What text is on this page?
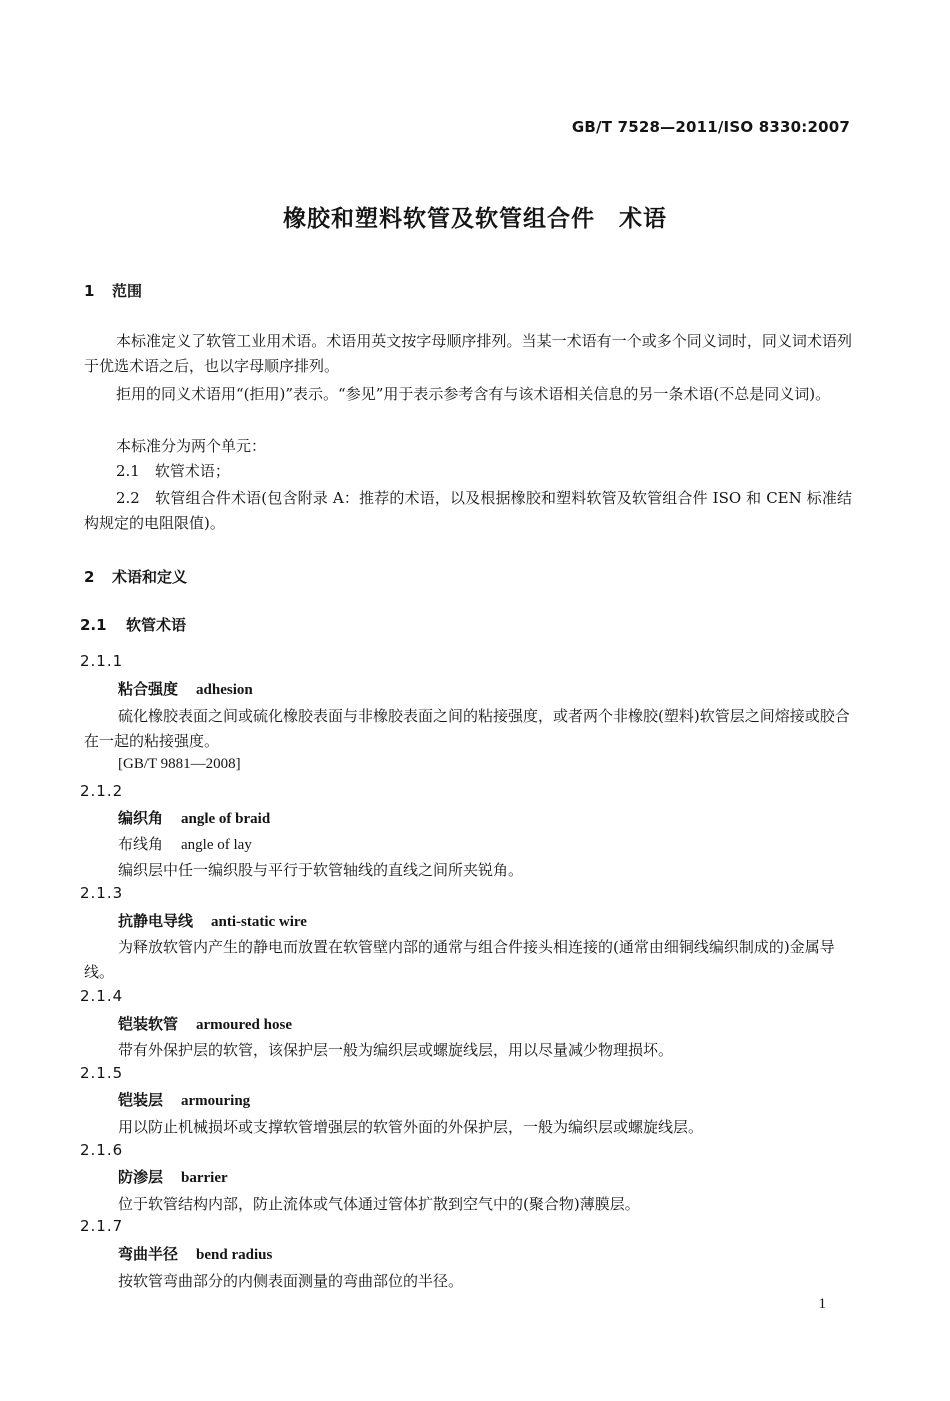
GB/T 7528—2011/ISO 8330:2007
橡胶和塑料软管及软管组合件　术语
1 范围
本标准定义了软管工业用术语。术语用英文按字母顺序排列。当某一术语有一个或多个同义词时，同义词术语列于优选术语之后，也以字母顺序排列。
拒用的同义术语用“(拒用)”表示。“参见”用于表示参考含有与该术语相关信息的另一条术语(不总是同义词)。
本标准分为两个单元：
2.1　软管术语；
2.2　软管组合件术语(包含附录 A：推荐的术语，以及根据橡胶和塑料软管及软管组合件 ISO 和 CEN 标准结构规定的电阻限值)。
2 术语和定义
2.1 软管术语
2.1.1
粘合强度 adhesion
硫化橡胶表面之间或硫化橡胶表面与非橡胶表面之间的粘接强度，或者两个非橡胶(塑料)软管层之间熔接或胶合在一起的粘接强度。
[GB/T 9881—2008]
2.1.2
编织角 angle of braid
布线角 angle of lay
编织层中任一编织股与平行于软管轴线的直线之间所夹锐角。
2.1.3
抗静电导线 anti-static wire
为释放软管内产生的静电而放置在软管壁内部的通常与组合件接头相连接的(通常由细铜线编织制成的)金属导线。
2.1.4
铠装软管 armoured hose
带有外保护层的软管，该保护层一般为编织层或螺旋线层，用以尽量减少物理损坏。
2.1.5
铠装层 armouring
用以防止机械损坏或支撑软管增强层的软管外面的外保护层，一般为编织层或螺旋线层。
2.1.6
防渗层 barrier
位于软管结构内部，防止流体或气体通过管体扩散到空气中的(聚合物)薄膜层。
2.1.7
弯曲半径 bend radius
按软管弯曲部分的内侧表面测量的弯曲部位的半径。
1
